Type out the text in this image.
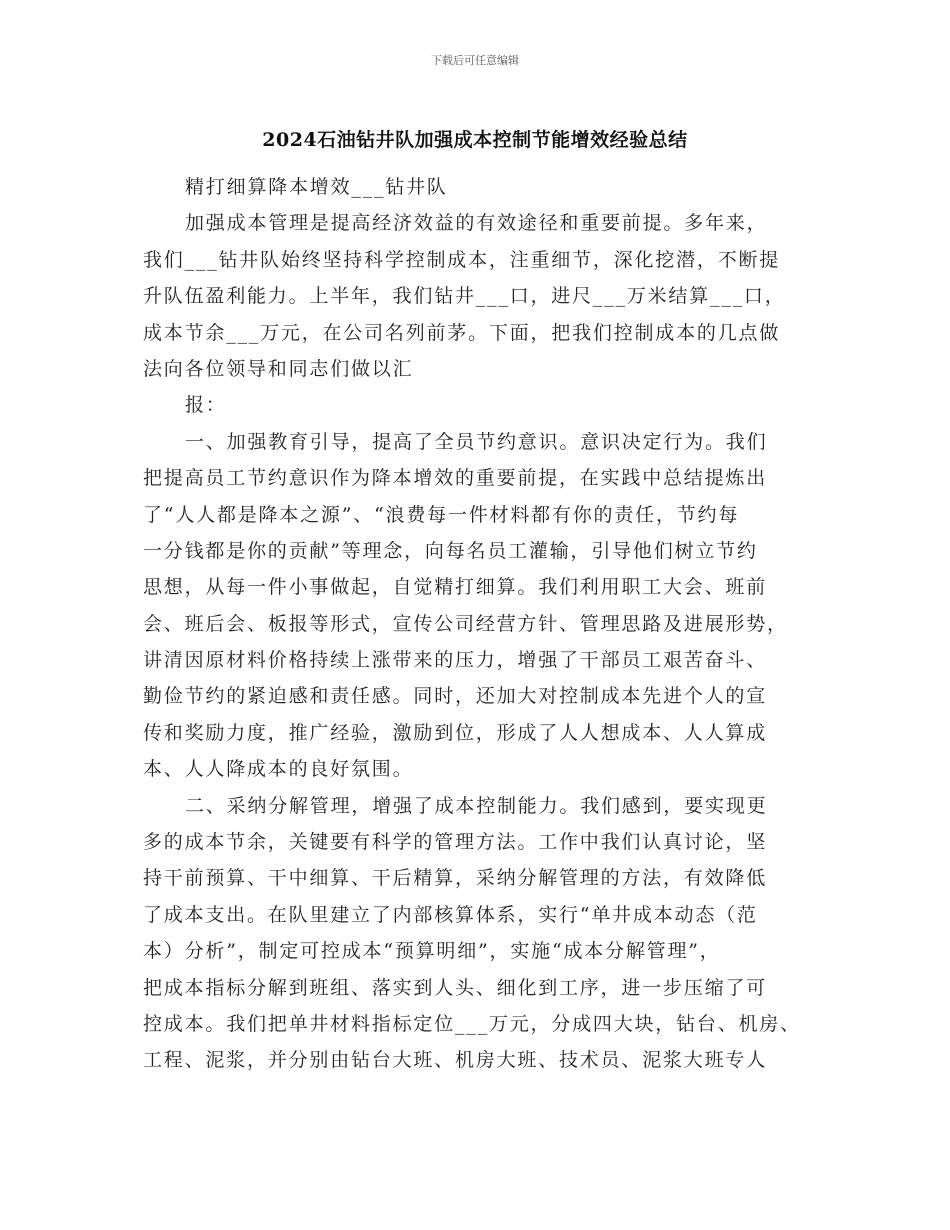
下载后可任意编辑
2024石油钻井队加强成本控制节能增效经验总结
精打细算降本增效___钻井队
加强成本管理是提高经济效益的有效途径和重要前提。多年来，
我们___钻井队始终坚持科学控制成本，注重细节，深化挖潜，不断提
升队伍盈利能力。上半年，我们钻井___口，进尺___万米结算___口，
成本节余___万元，在公司名列前茅。下面，把我们控制成本的几点做
法向各位领导和同志们做以汇
报：
一、加强教育引导，提高了全员节约意识。意识决定行为。我们
把提高员工节约意识作为降本增效的重要前提，在实践中总结提炼出
了“人人都是降本之源”、“浪费每一件材料都有你的责任，节约每
一分钱都是你的贡献”等理念，向每名员工灌输，引导他们树立节约
思想，从每一件小事做起，自觉精打细算。我们利用职工大会、班前
会、班后会、板报等形式，宣传公司经营方针、管理思路及进展形势，
讲清因原材料价格持续上涨带来的压力，增强了干部员工艰苦奋斗、
勤俭节约的紧迫感和责任感。同时，还加大对控制成本先进个人的宣
传和奖励力度，推广经验，激励到位，形成了人人想成本、人人算成
本、人人降成本的良好氛围。
二、采纳分解管理，增强了成本控制能力。我们感到，要实现更
多的成本节余，关键要有科学的管理方法。工作中我们认真讨论，坚
持干前预算、干中细算、干后精算，采纳分解管理的方法，有效降低
了成本支出。在队里建立了内部核算体系，实行“单井成本动态（范
本）分析”，制定可控成本“预算明细”，实施“成本分解管理”，
把成本指标分解到班组、落实到人头、细化到工序，进一步压缩了可
控成本。我们把单井材料指标定位___万元，分成四大块，钻台、机房、
工程、泥浆，并分别由钻台大班、机房大班、技术员、泥浆大班专人
